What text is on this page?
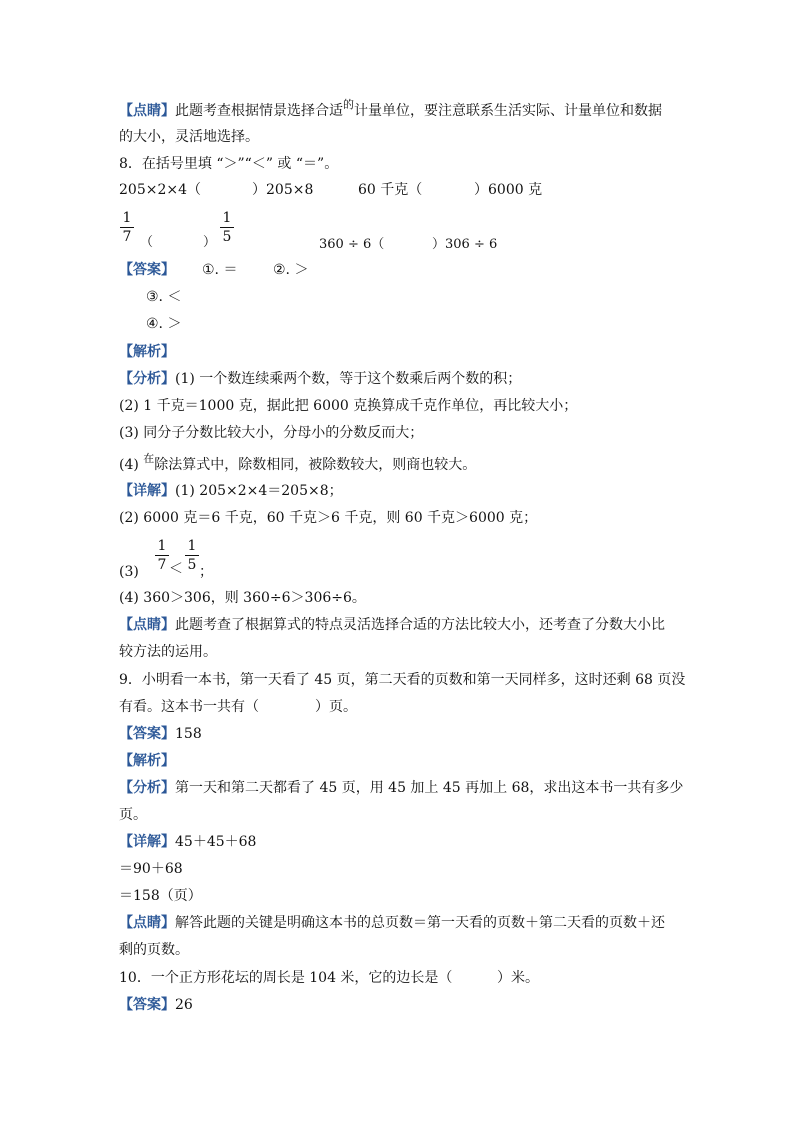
【点睛】此题考查根据情景选择合适$^的$计量单位，要注意联系生活实际、计量单位和数据
的大小，灵活地选择。
8．在括号里填 “＞”“＜” 或 “＝”。
205×2×4（	）205×8	60 千克（	）6000 克
1
7 （	）
1
5	360 ÷ 6（	）306 ÷ 6
【答案】 ①. ＝	②. ＞
③. ＜
④. ＞
【解析】
【分析】(1) 一个数连续乘两个数，等于这个数乘后两个数的积；
(2) 1 千克＝1000 克，据此把 6000 克换算成千克作单位，再比较大小；
(3) 同分子分数比较大小，分母小的分数反而大；
(4) $^在$除法算式中，除数相同，被除数较大，则商也较大。
【详解】(1) 205×2×4＝205×8；
(2) 6000 克＝6 千克，60 千克＞6 千克，则 60 千克＞6000 克；
(3)
1
7 ＜
1
5 ；
(4) 360＞306，则 360÷6＞306÷6。
【点睛】此题考查了根据算式的特点灵活选择合适的方法比较大小，还考查了分数大小比
较方法的运用。
9．小明看一本书，第一天看了 45 页，第二天看的页数和第一天同样多，这时还剩 68 页没
有看。这本书一共有（	）页。
【答案】158
【解析】
【分析】第一天和第二天都看了 45 页，用 45 加上 45 再加上 68，求出这本书一共有多少
页。
【详解】45＋45＋68
＝90＋68
＝158（页）
【点睛】解答此题的关键是明确这本书的总页数＝第一天看的页数＋第二天看的页数＋还
剩的页数。
10．一个正方形花坛的周长是 104 米，它的边长是（	）米。
【答案】26
